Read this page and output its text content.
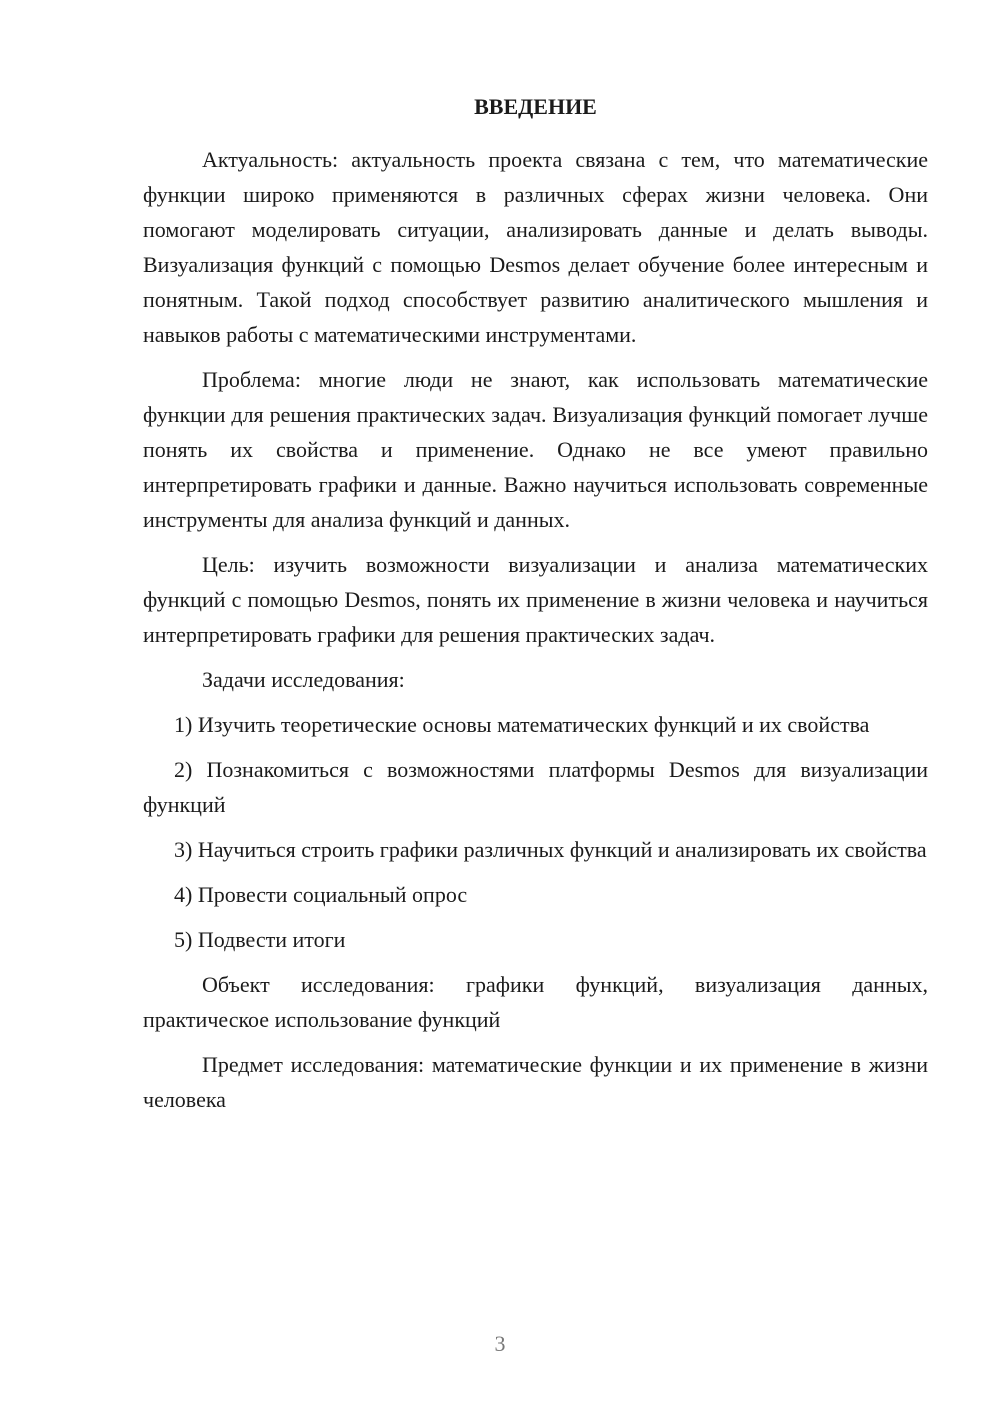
ВВЕДЕНИЕ

Актуальность: актуальность проекта связана с тем, что математические функции широко применяются в различных сферах жизни человека. Они помогают моделировать ситуации, анализировать данные и делать выводы. Визуализация функций с помощью Desmos делает обучение более интересным и понятным. Такой подход способствует развитию аналитического мышления и навыков работы с математическими инструментами.

Проблема: многие люди не знают, как использовать математические функции для решения практических задач. Визуализация функций помогает лучше понять их свойства и применение. Однако не все умеют правильно интерпретировать графики и данные. Важно научиться использовать современные инструменты для анализа функций и данных.

Цель: изучить возможности визуализации и анализа математических функций с помощью Desmos, понять их применение в жизни человека и научиться интерпретировать графики для решения практических задач.

Задачи исследования:

1) Изучить теоретические основы математических функций и их свойства

2) Познакомиться с возможностями платформы Desmos для визуализации функций

3) Научиться строить графики различных функций и анализировать их свойства

4) Провести социальный опрос

5) Подвести итоги

Объект исследования: графики функций, визуализация данных, практическое использование функций

Предмет исследования: математические функции и их применение в жизни человека

3
